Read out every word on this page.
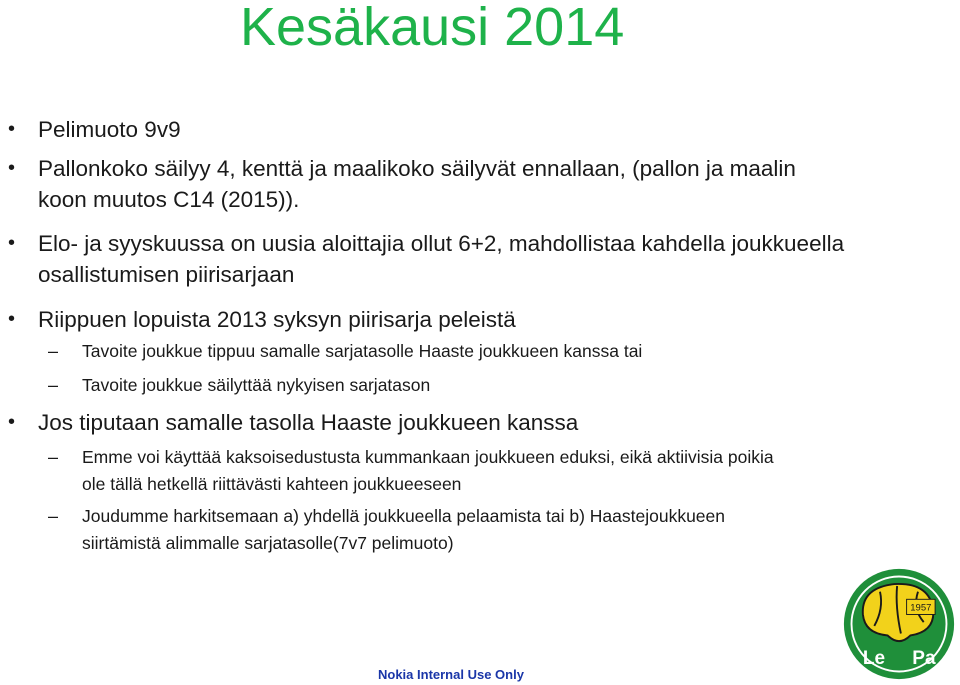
Kesäkausi 2014
• Pelimuoto 9v9
• Pallonkoko säilyy 4, kenttä ja maalikoko säilyvät ennallaan, (pallon ja maalin koon muutos C14 (2015)).
• Elo- ja syyskuussa on uusia aloittajia ollut 6+2, mahdollistaa kahdella joukkueella osallistumisen piirisarjaan
• Riippuen lopuista 2013 syksyn piirisarja peleistä
– Tavoite joukkue tippuu samalle sarjatasolle Haaste joukkueen kanssa tai
– Tavoite joukkue säilyttää nykyisen sarjatason
• Jos tiputaan samalle tasolla Haaste joukkueen kanssa
– Emme voi käyttää kaksoisedustusta kummankaan joukkueen eduksi, eikä aktiivisia poikia ole tällä hetkellä riittävästi kahteen joukkueeseen
– Joudumme harkitsemaan a) yhdellä joukkueella pelaamista tai b) Haastejoukkueen siirtämistä alimmalle sarjatasolle(7v7 pelimuoto)
1957
Le Pa
Nokia Internal Use Only
